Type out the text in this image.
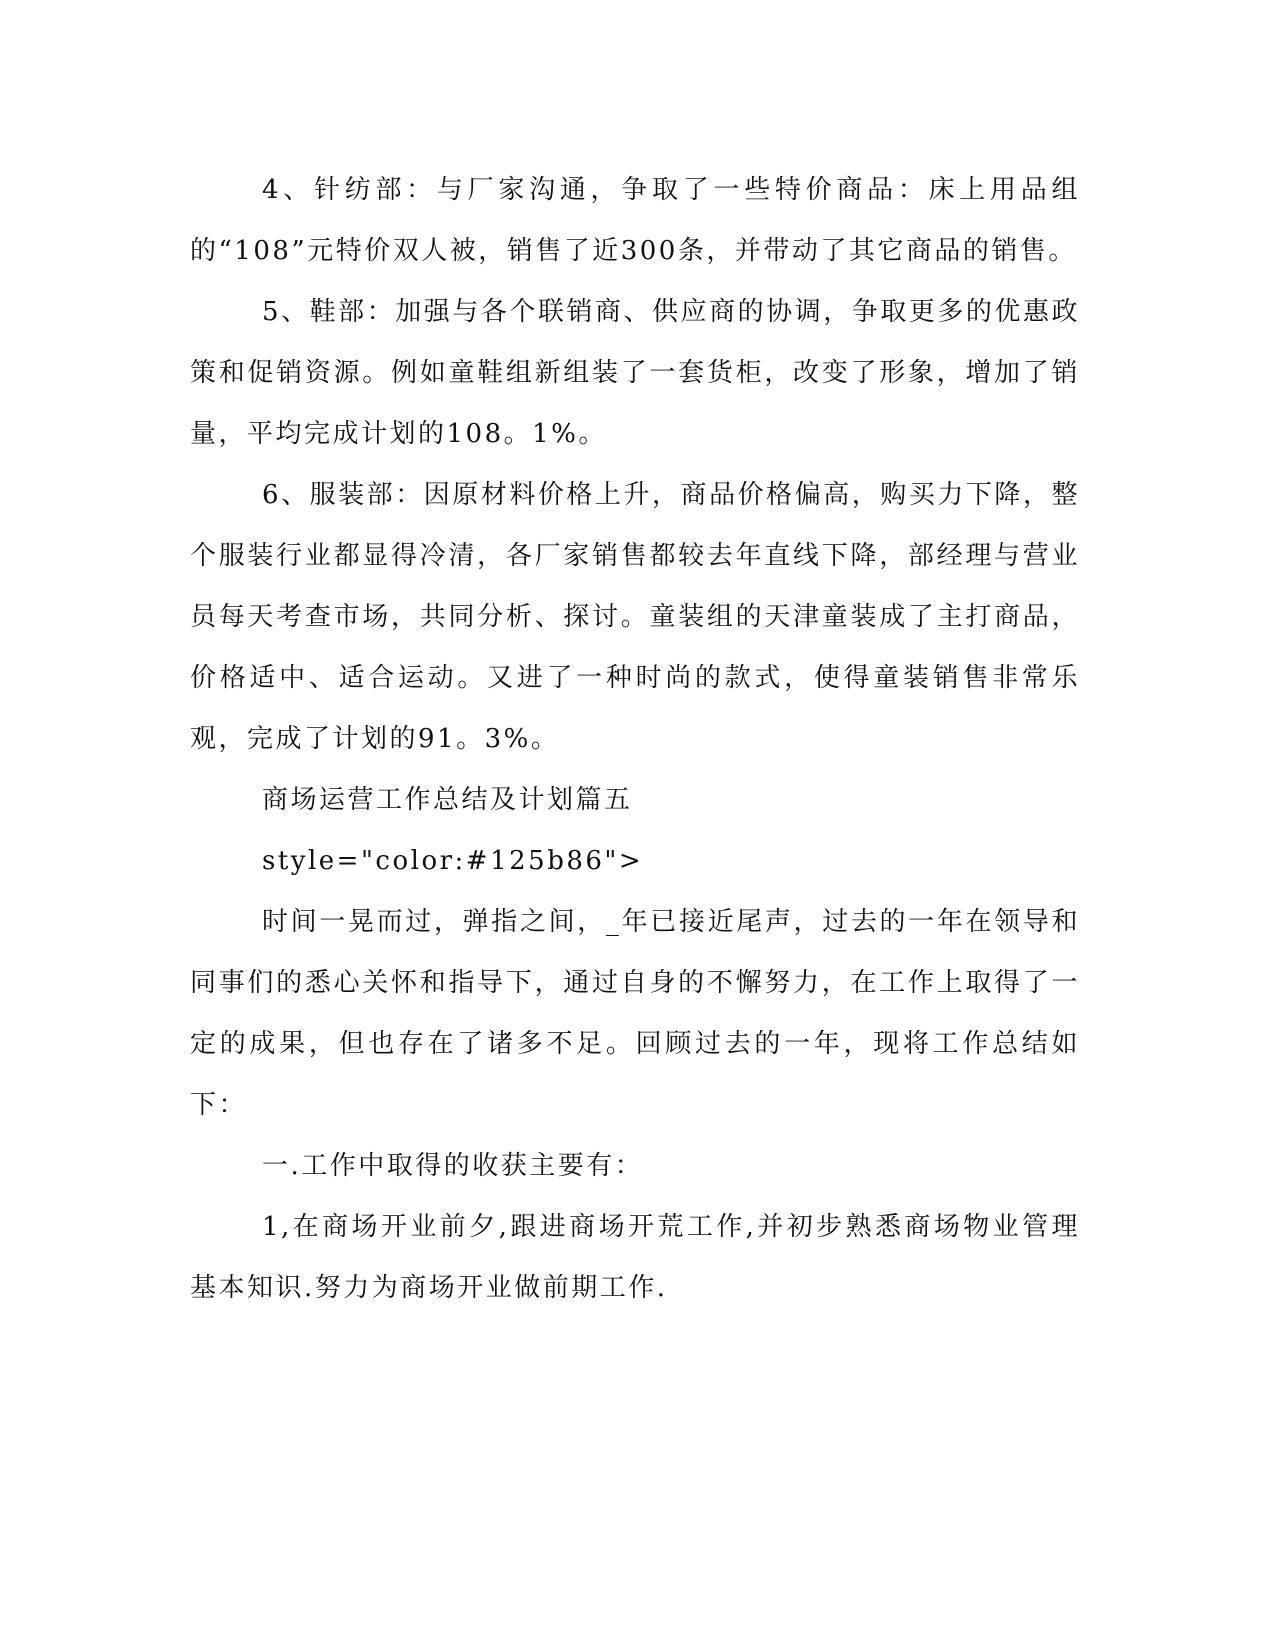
4、针纺部：与厂家沟通，争取了一些特价商品：床上用品组的“108”元特价双人被，销售了近300条，并带动了其它商品的销售。

5、鞋部：加强与各个联销商、供应商的协调，争取更多的优惠政策和促销资源。例如童鞋组新组装了一套货柜，改变了形象，增加了销量，平均完成计划的108。1%。

6、服装部：因原材料价格上升，商品价格偏高，购买力下降，整个服装行业都显得冷清，各厂家销售都较去年直线下降，部经理与营业员每天考查市场，共同分析、探讨。童装组的天津童装成了主打商品，价格适中、适合运动。又进了一种时尚的款式，使得童装销售非常乐观，完成了计划的91。3%。

商场运营工作总结及计划篇五

style="color:#125b86">

时间一晃而过，弹指之间，_年已接近尾声，过去的一年在领导和同事们的悉心关怀和指导下，通过自身的不懈努力，在工作上取得了一定的成果，但也存在了诸多不足。回顾过去的一年，现将工作总结如下：

一.工作中取得的收获主要有：

1,在商场开业前夕,跟进商场开荒工作,并初步熟悉商场物业管理基本知识.努力为商场开业做前期工作.
